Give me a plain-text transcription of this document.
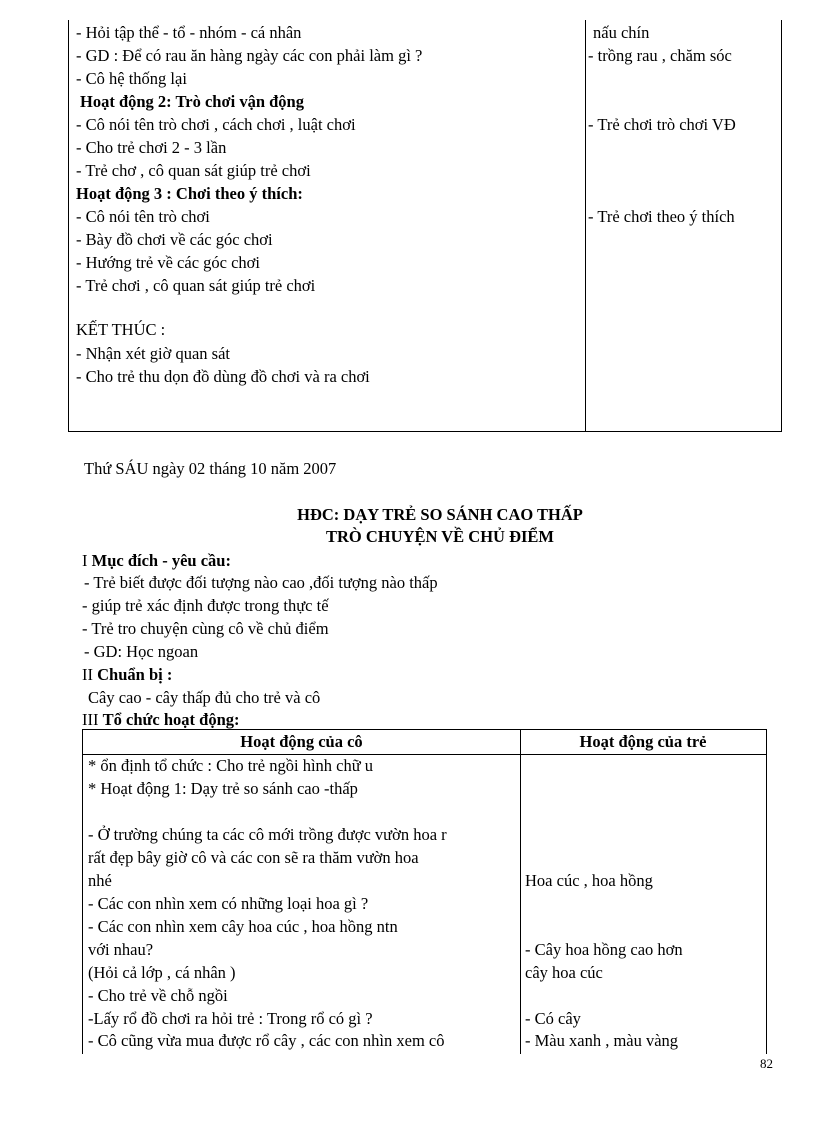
- Hỏi tập thể - tổ - nhóm - cá nhân
- GD : Để có rau ăn hàng ngày các con phải làm gì ?
- Cô hệ thống lại
Hoạt động 2: Trò chơi vận động
- Cô nói tên trò chơi , cách chơi , luật chơi
- Cho trẻ chơi 2 - 3 lần
- Trẻ chơ , cô quan sát giúp trẻ chơi
Hoạt động 3 : Chơi theo ý thích:
- Cô nói tên trò chơi
- Bày đồ chơi về các góc chơi
- Hướng trẻ về các góc chơi
- Trẻ chơi , cô quan sát giúp trẻ chơi
KẾT THÚC :
- Nhận xét giờ quan sát
- Cho trẻ thu dọn đồ dùng đồ chơi và ra chơi
nấu chín
- trồng rau , chăm sóc
- Trẻ chơi trò chơi VĐ
- Trẻ chơi theo ý thích
Thứ SÁU ngày 02 tháng 10 năm 2007
HĐC: DẠY TRẺ SO SÁNH CAO THẤP
TRÒ CHUYỆN VỀ CHỦ ĐIỂM
I Mục đích - yêu cầu:
- Trẻ biết được đối tượng nào cao ,đối tượng nào thấp
- giúp trẻ xác định được trong thực tế
- Trẻ tro chuyện cùng cô về chủ điểm
- GD: Học ngoan
II Chuẩn bị :
Cây cao - cây thấp đủ cho trẻ và cô
III Tổ chức hoạt động:
Hoạt động của cô	Hoạt động của trẻ
* ổn định tổ chức : Cho trẻ ngồi hình chữ u
* Hoạt động 1: Dạy trẻ so sánh cao -thấp
- Ở trường chúng ta các cô mới trồng được vườn hoa r
rất đẹp bây giờ cô và các con sẽ ra thăm vườn hoa
nhé
- Các con nhìn xem có những loại hoa gì ?
- Các con nhìn xem cây hoa cúc , hoa hồng ntn
với nhau?
(Hỏi cả lớp , cá nhân )
- Cho trẻ về chỗ ngồi
-Lấy rổ đồ chơi ra hỏi trẻ : Trong rổ có gì ?
- Cô cũng vừa mua được rổ cây , các con nhìn xem cô
Hoa cúc , hoa hồng
- Cây hoa hồng cao hơn
cây hoa cúc
- Có cây
- Màu xanh , màu vàng
82
